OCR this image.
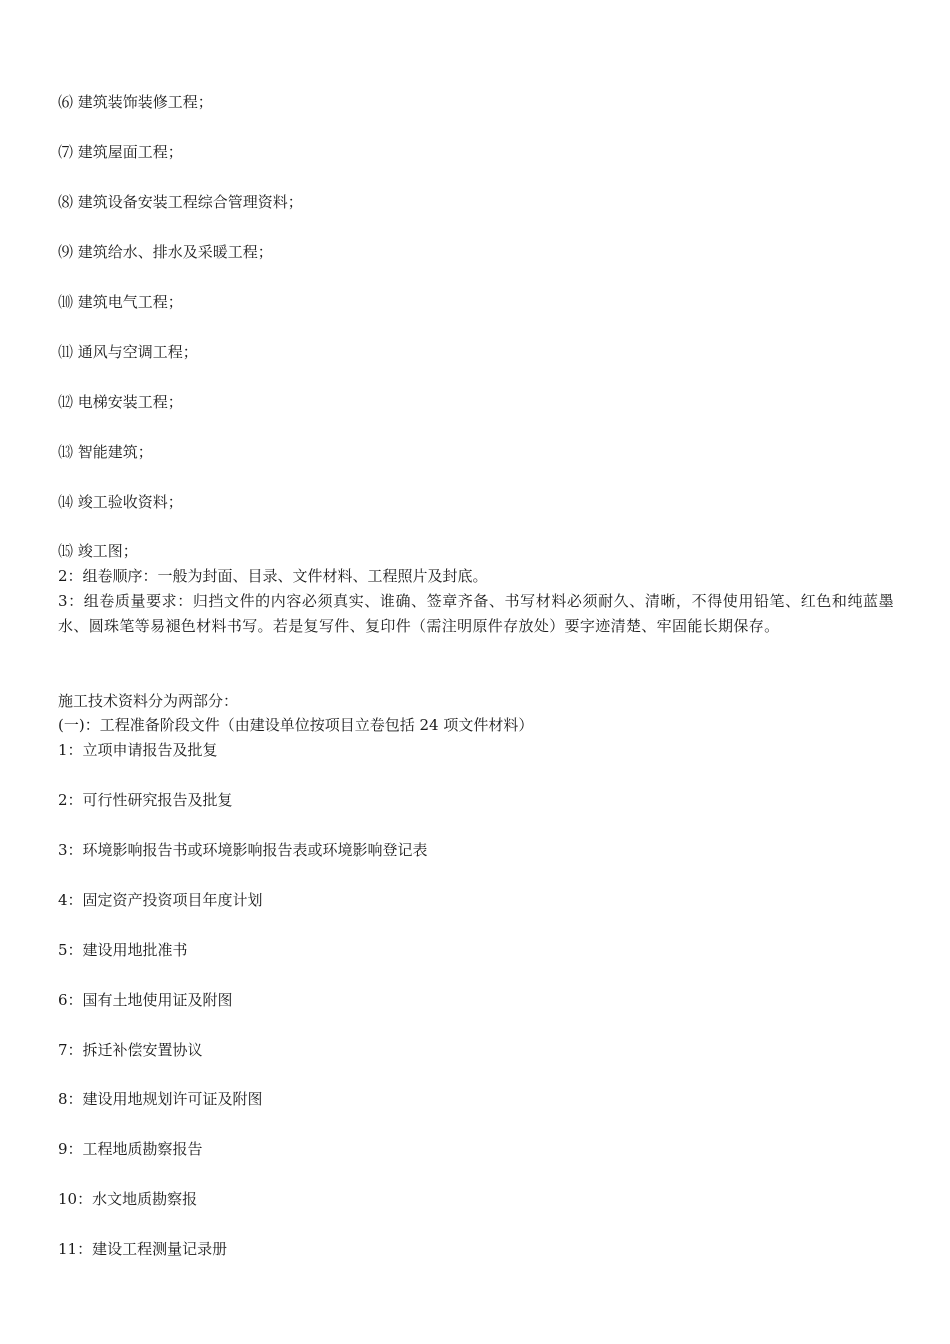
⑹ 建筑装饰装修工程；
⑺ 建筑屋面工程；
⑻ 建筑设备安装工程综合管理资料；
⑼ 建筑给水、排水及采暖工程；
⑽ 建筑电气工程；
⑾ 通风与空调工程；
⑿ 电梯安装工程；
⒀ 智能建筑；
⒁ 竣工验收资料；
⒂ 竣工图；
2：组卷顺序：一般为封面、目录、文件材料、工程照片及封底。
3：组卷质量要求：归挡文件的内容必须真实、谁确、签章齐备、书写材料必须耐久、清晰，不得使用铅笔、红色和纯蓝墨水、圆珠笔等易褪色材料书写。若是复写件、复印件（需注明原件存放处）要字迹清楚、牢固能长期保存。
施工技术资料分为两部分：
(一)：工程准备阶段文件（由建设单位按项目立卷包括 24 项文件材料）
1：立项申请报告及批复
2：可行性研究报告及批复
3：环境影响报告书或环境影响报告表或环境影响登记表
4：固定资产投资项目年度计划
5：建设用地批准书
6：国有土地使用证及附图
7：拆迁补偿安置协议
8：建设用地规划许可证及附图
9：工程地质勘察报告
10：水文地质勘察报
11：建设工程测量记录册
